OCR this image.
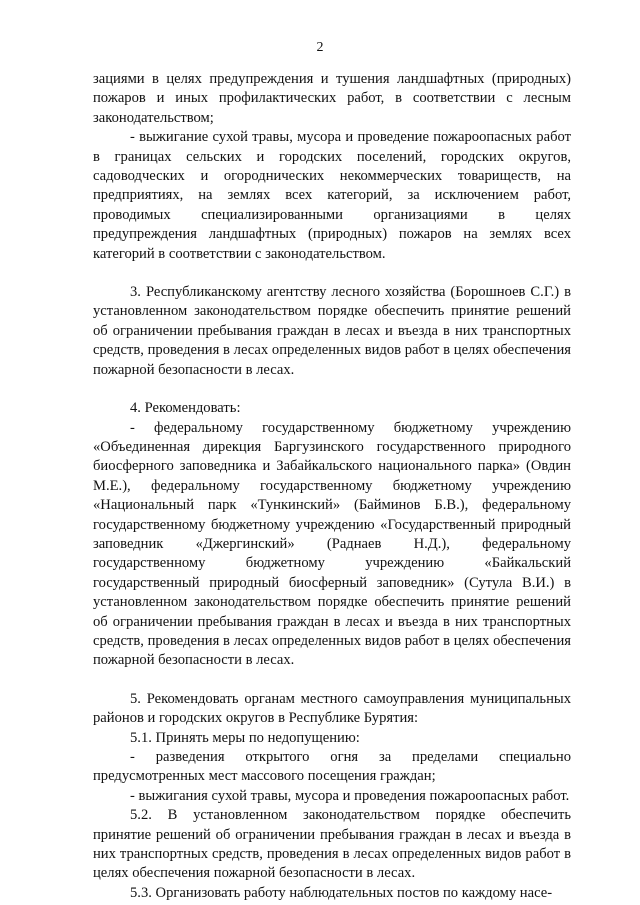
2

зациями в целях предупреждения и тушения ландшафтных (природных) пожаров и иных профилактических работ, в соответствии с лесным законодательством;

- выжигание сухой травы, мусора и проведение пожароопасных работ в границах сельских и городских поселений, городских округов, садоводческих и огороднических некоммерческих товариществ, на предприятиях, на землях всех категорий, за исключением работ, проводимых специализированными организациями в целях предупреждения ландшафтных (природных) пожаров на землях всех категорий в соответствии с законодательством.

3. Республиканскому агентству лесного хозяйства (Борошноев С.Г.) в установленном законодательством порядке обеспечить принятие решений об ограничении пребывания граждан в лесах и въезда в них транспортных средств, проведения в лесах определенных видов работ в целях обеспечения пожарной безопасности в лесах.

4. Рекомендовать:

- федеральному государственному бюджетному учреждению «Объединенная дирекция Баргузинского государственного природного биосферного заповедника и Забайкальского национального парка» (Овдин М.Е.), федеральному государственному бюджетному учреждению «Национальный парк «Тункинский» (Байминов Б.В.), федеральному государственному бюджетному учреждению «Государственный природный заповедник «Джергинский» (Раднаев Н.Д.), федеральному государственному бюджетному учреждению «Байкальский государственный природный биосферный заповедник» (Сутула В.И.) в установленном законодательством порядке обеспечить принятие решений об ограничении пребывания граждан в лесах и въезда в них транспортных средств, проведения в лесах определенных видов работ в целях обеспечения пожарной безопасности в лесах.

5. Рекомендовать органам местного самоуправления муниципальных районов и городских округов в Республике Бурятия:

5.1. Принять меры по недопущению:

- разведения открытого огня за пределами специально предусмотренных мест массового посещения граждан;

- выжигания сухой травы, мусора и проведения пожароопасных работ.

5.2. В установленном законодательством порядке обеспечить принятие решений об ограничении пребывания граждан в лесах и въезда в них транспортных средств, проведения в лесах определенных видов работ в целях обеспечения пожарной безопасности в лесах.

5.3. Организовать работу наблюдательных постов по каждому насе-
